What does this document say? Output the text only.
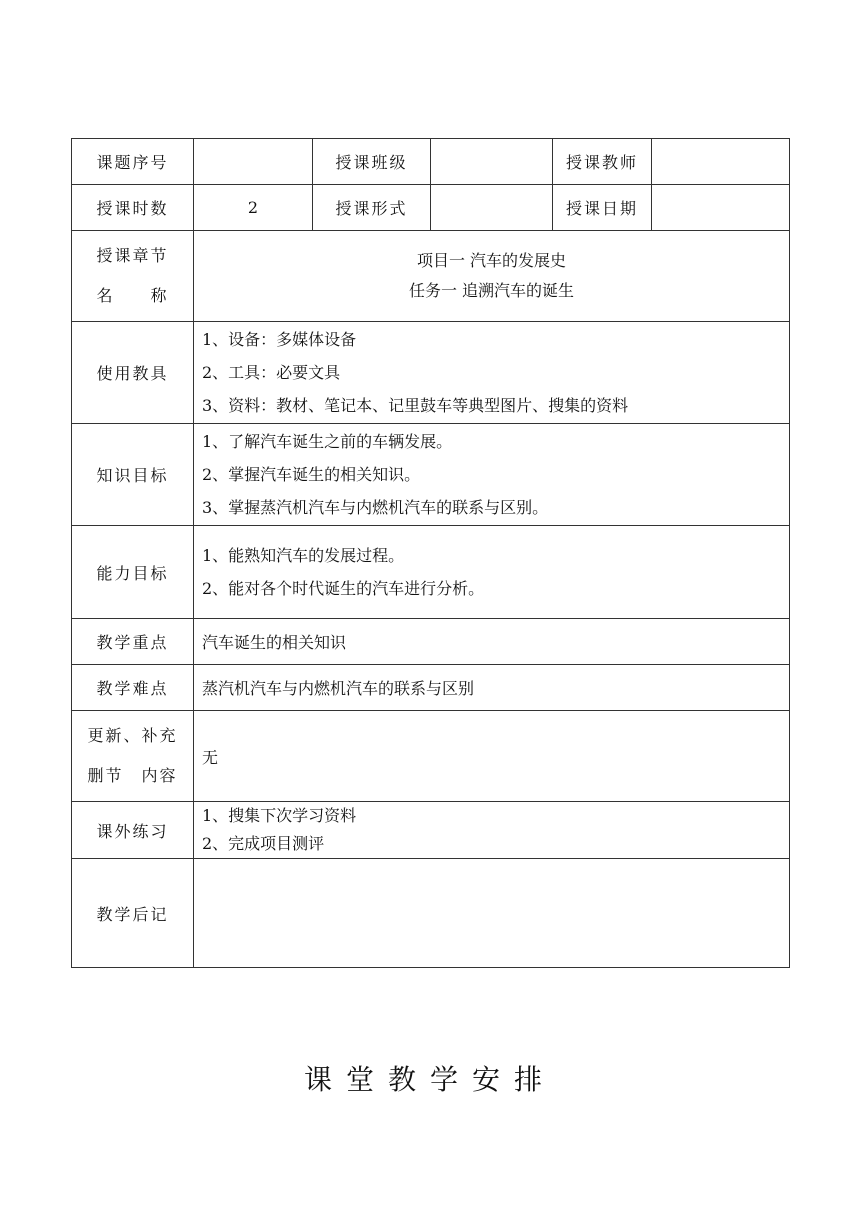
课题序号		授课班级		授课教师	
授课时数	2	授课形式		授课日期	

授课章节
名　　称	项目一 汽车的发展史
任务一 追溯汽车的诞生				

使用教具	1、设备：多媒体设备
2、工具：必要文具
3、资料：教材、笔记本、记里鼓车等典型图片、搜集的资料				

知识目标	1、了解汽车诞生之前的车辆发展。
2、掌握汽车诞生的相关知识。
3、掌握蒸汽机汽车与内燃机汽车的联系与区别。				

能力目标	1、能熟知汽车的发展过程。
2、能对各个时代诞生的汽车进行分析。				

教学重点	汽车诞生的相关知识				
教学难点	蒸汽机汽车与内燃机汽车的联系与区别				

更新、补充
删节　内容	无				
课外练习	1、搜集下次学习资料
2、完成项目测评				

教学后记					
课堂教学安排
